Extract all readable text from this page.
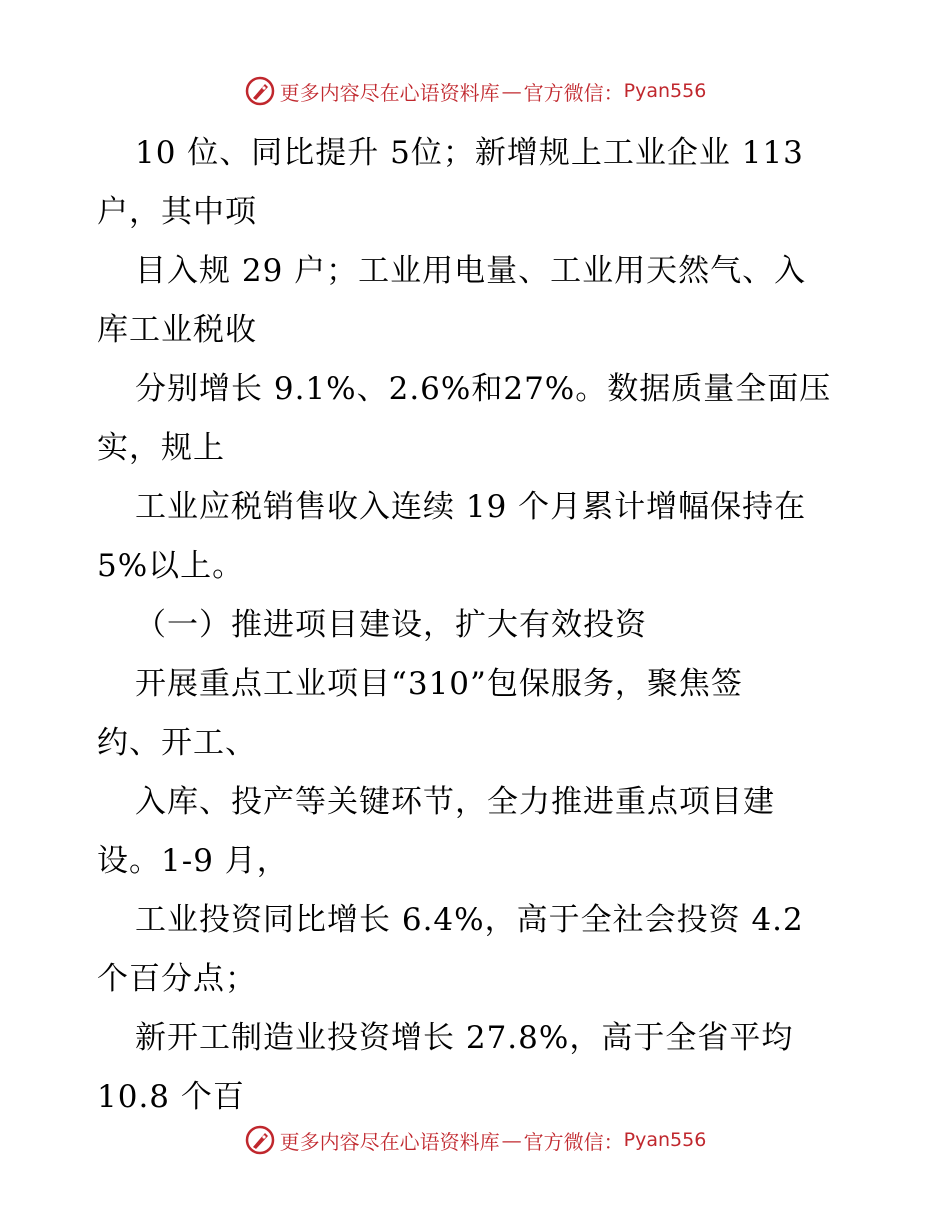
更多内容尽在心语资料库 — 官方微信： Pyan556
10 位、同比提升 5位；新增规上工业企业 113
户，其中项
目入规 29 户；工业用电量、工业用天然气、入
库工业税收
分别增长 9.1%、2.6%和27%。数据质量全面压
实，规上
工业应税销售收入连续 19 个月累计增幅保持在
5%以上。
（一）推进项目建设，扩大有效投资
开展重点工业项目“310”包保服务，聚焦签
约、开工、
入库、投产等关键环节，全力推进重点项目建
设。1-9 月，
工业投资同比增长 6.4%，高于全社会投资 4.2
个百分点；
新开工制造业投资增长 27.8%，高于全省平均
10.8 个百
更多内容尽在心语资料库 — 官方微信： Pyan556
